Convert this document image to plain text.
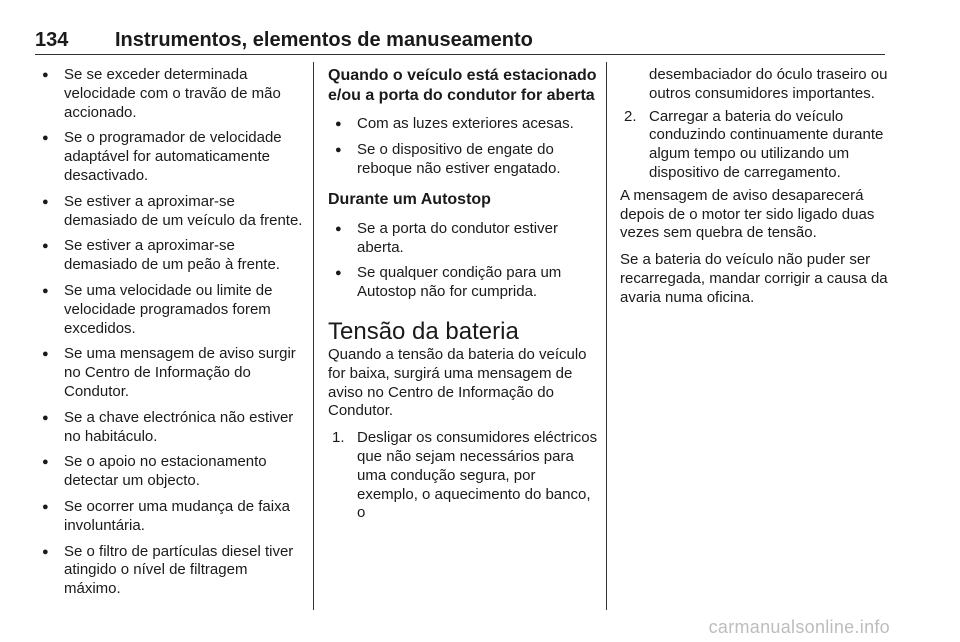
134 Instrumentos, elementos de manuseamento
● Se se exceder determinada velocidade com o travão de mão accionado.
● Se o programador de velocidade adaptável for automaticamente desactivado.
● Se estiver a aproximar-se demasiado de um veículo da frente.
● Se estiver a aproximar-se demasiado de um peão à frente.
● Se uma velocidade ou limite de velocidade programados forem excedidos.
● Se uma mensagem de aviso surgir no Centro de Informação do Condutor.
● Se a chave electrónica não estiver no habitáculo.
● Se o apoio no estacionamento detectar um objecto.
● Se ocorrer uma mudança de faixa involuntária.
● Se o filtro de partículas diesel tiver atingido o nível de filtragem máximo.
Quando o veículo está estacionado e/ou a porta do condutor for aberta
● Com as luzes exteriores acesas.
● Se o dispositivo de engate do reboque não estiver engatado.
Durante um Autostop
● Se a porta do condutor estiver aberta.
● Se qualquer condição para um Autostop não for cumprida.
Tensão da bateria

Quando a tensão da bateria do veículo for baixa, surgirá uma mensagem de aviso no Centro de Informação do Condutor.

1. Desligar os consumidores eléctricos que não sejam necessários para uma condução segura, por exemplo, o aquecimento do banco, o
desembaciador do óculo traseiro ou outros consumidores importantes.
2. Carregar a bateria do veículo conduzindo continuamente durante algum tempo ou utilizando um dispositivo de carregamento.

A mensagem de aviso desaparecerá depois de o motor ter sido ligado duas vezes sem quebra de tensão.

Se a bateria do veículo não puder ser recarregada, mandar corrigir a causa da avaria numa oficina.

carmanualsonline.info
